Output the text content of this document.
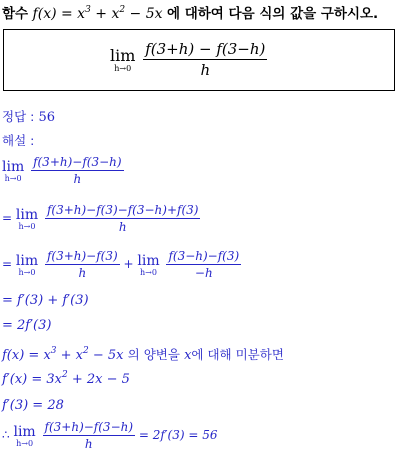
함수 $f(x) = x^3 + x^2 - 5x$ 에 대하여 다음 식의 값을 구하시오.
lim
h→0
$\frac{f(3+h) - f(3-h)}{h}$
정답 : 56
해설 :
lim
h→0
$\frac{f(3+h)-f(3-h)}{h}$
= lim
h→0
$\frac{f(3+h)-f(3)-f(3-h)+f(3)}{h}$
= lim
h→0
$\frac{f(3+h)-f(3)}{h} + \lim$
h→0
$\frac{f(3-h)-f(3)}{-h}$
= f′(3) + f′(3)
= 2f′(3)
$f(x) = x^3 + x^2 - 5x$ 의 양변을 x에 대해 미분하면
$f'(x) = 3x^2 + 2x - 5$
f′(3) = 28
∴ lim
h→0
$\frac{f(3+h)-f(3-h)}{h} = 2f'(3) = 56$
